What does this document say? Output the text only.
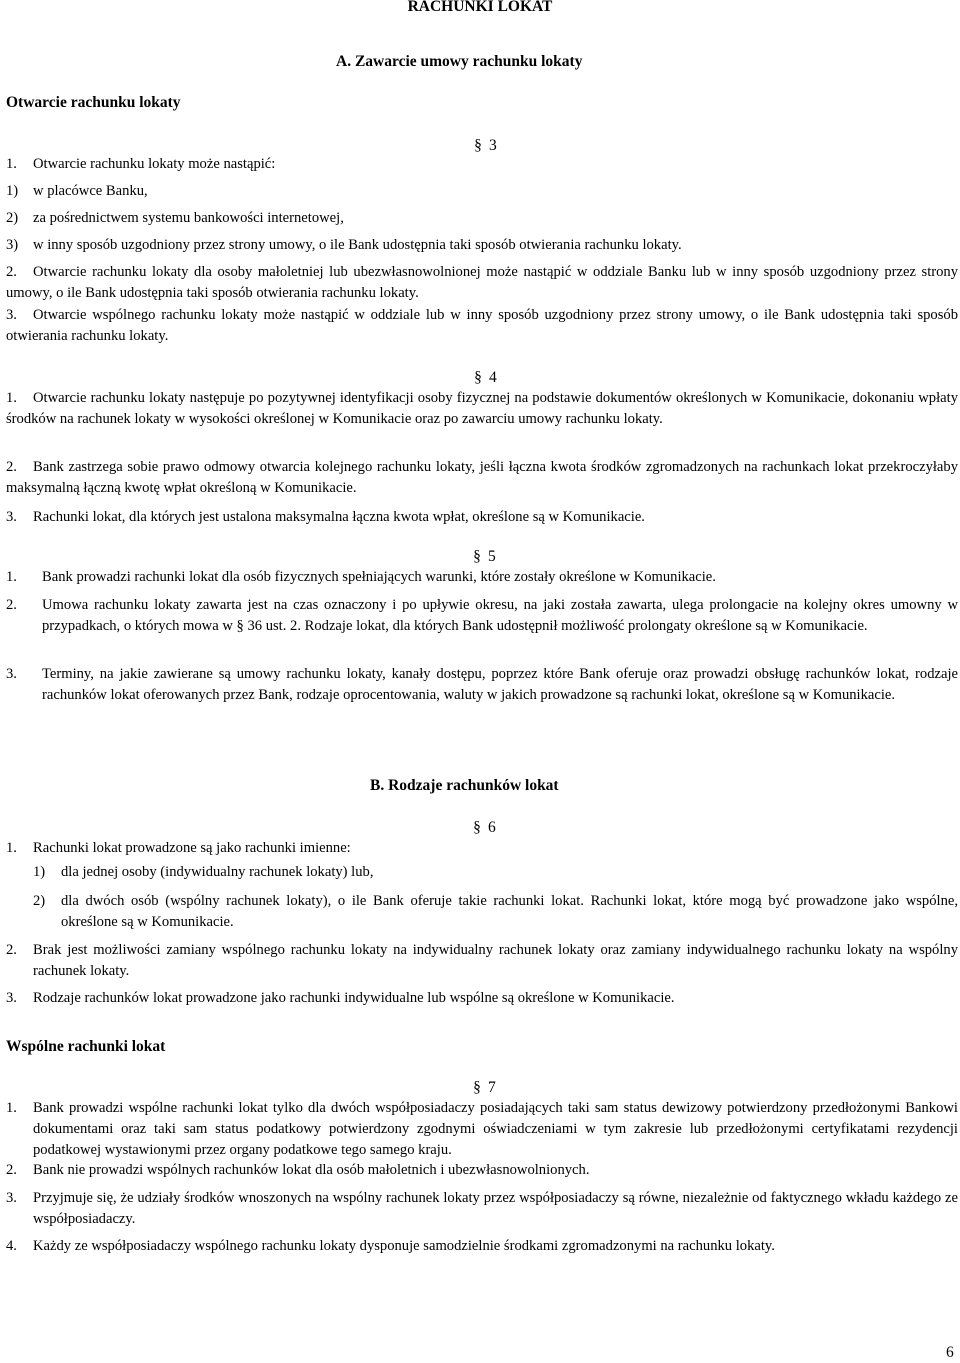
RACHUNKI LOKAT
A. Zawarcie umowy rachunku lokaty
Otwarcie rachunku lokaty
§ 3
1. Otwarcie rachunku lokaty może nastąpić:
1) w placówce Banku,
2) za pośrednictwem systemu bankowości internetowej,
3) w inny sposób uzgodniony przez strony umowy, o ile Bank udostępnia taki sposób otwierania rachunku lokaty.
2.	Otwarcie rachunku lokaty dla osoby małoletniej lub ubezwłasnowolnionej może nastąpić w oddziale Banku lub w inny sposób uzgodniony przez strony umowy, o ile Bank udostępnia taki sposób otwierania rachunku lokaty.
3.	Otwarcie wspólnego rachunku lokaty może nastąpić w oddziale lub w inny sposób uzgodniony przez strony umowy, o ile Bank udostępnia taki sposób otwierania rachunku lokaty.
§ 4
1.	Otwarcie rachunku lokaty następuje po pozytywnej identyfikacji osoby fizycznej na podstawie dokumentów określonych w Komunikacie, dokonaniu wpłaty środków na rachunek lokaty w wysokości określonej w Komunikacie oraz po zawarciu umowy rachunku lokaty.
2.	Bank zastrzega sobie prawo odmowy otwarcia kolejnego rachunku lokaty, jeśli łączna kwota środków zgromadzonych na rachunkach lokat przekroczyłaby maksymalną łączną kwotę wpłat określoną w Komunikacie.
3. Rachunki lokat, dla których jest ustalona maksymalna łączna kwota wpłat, określone są w Komunikacie.
§ 5
1. Bank prowadzi rachunki lokat dla osób fizycznych spełniających warunki, które zostały określone w Komunikacie.
2. Umowa rachunku lokaty zawarta jest na czas oznaczony i po upływie okresu, na jaki została zawarta, ulega prolongacie na kolejny okres umowny w przypadkach, o których mowa w § 36 ust. 2. Rodzaje lokat, dla których Bank udostępnił możliwość prolongaty określone są w Komunikacie.
3. Terminy, na jakie zawierane są umowy rachunku lokaty, kanały dostępu, poprzez które Bank oferuje oraz prowadzi obsługę rachunków lokat, rodzaje rachunków lokat oferowanych przez Bank, rodzaje oprocentowania, waluty w jakich prowadzone są rachunki lokat, określone są w Komunikacie.
B. Rodzaje rachunków lokat
§ 6
1. Rachunki lokat prowadzone są jako rachunki imienne:
1) dla jednej osoby (indywidualny rachunek lokaty) lub,
2) dla dwóch osób (wspólny rachunek lokaty), o ile Bank oferuje takie rachunki lokat. Rachunki lokat, które mogą być prowadzone jako wspólne, określone są w Komunikacie.
2. Brak jest możliwości zamiany wspólnego rachunku lokaty na indywidualny rachunek lokaty oraz zamiany indywidualnego rachunku lokaty na wspólny rachunek lokaty.
3. Rodzaje rachunków lokat prowadzone jako rachunki indywidualne lub wspólne są określone w Komunikacie.
Wspólne rachunki lokat
§ 7
1. Bank prowadzi wspólne rachunki lokat tylko dla dwóch współposiadaczy posiadających taki sam status dewizowy potwierdzony przedłożonymi Bankowi dokumentami oraz taki sam status podatkowy potwierdzony zgodnymi oświadczeniami w tym zakresie lub przedłożonymi certyfikatami rezydencji podatkowej wystawionymi przez organy podatkowe tego samego kraju.
2. Bank nie prowadzi wspólnych rachunków lokat dla osób małoletnich i ubezwłasnowolnionych.
3. Przyjmuje się, że udziały środków wnoszonych na wspólny rachunek lokaty przez współposiadaczy są równe, niezależnie od faktycznego wkładu każdego ze współposiadaczy.
4. Każdy ze współposiadaczy wspólnego rachunku lokaty dysponuje samodzielnie środkami zgromadzonymi na rachunku lokaty.
6
